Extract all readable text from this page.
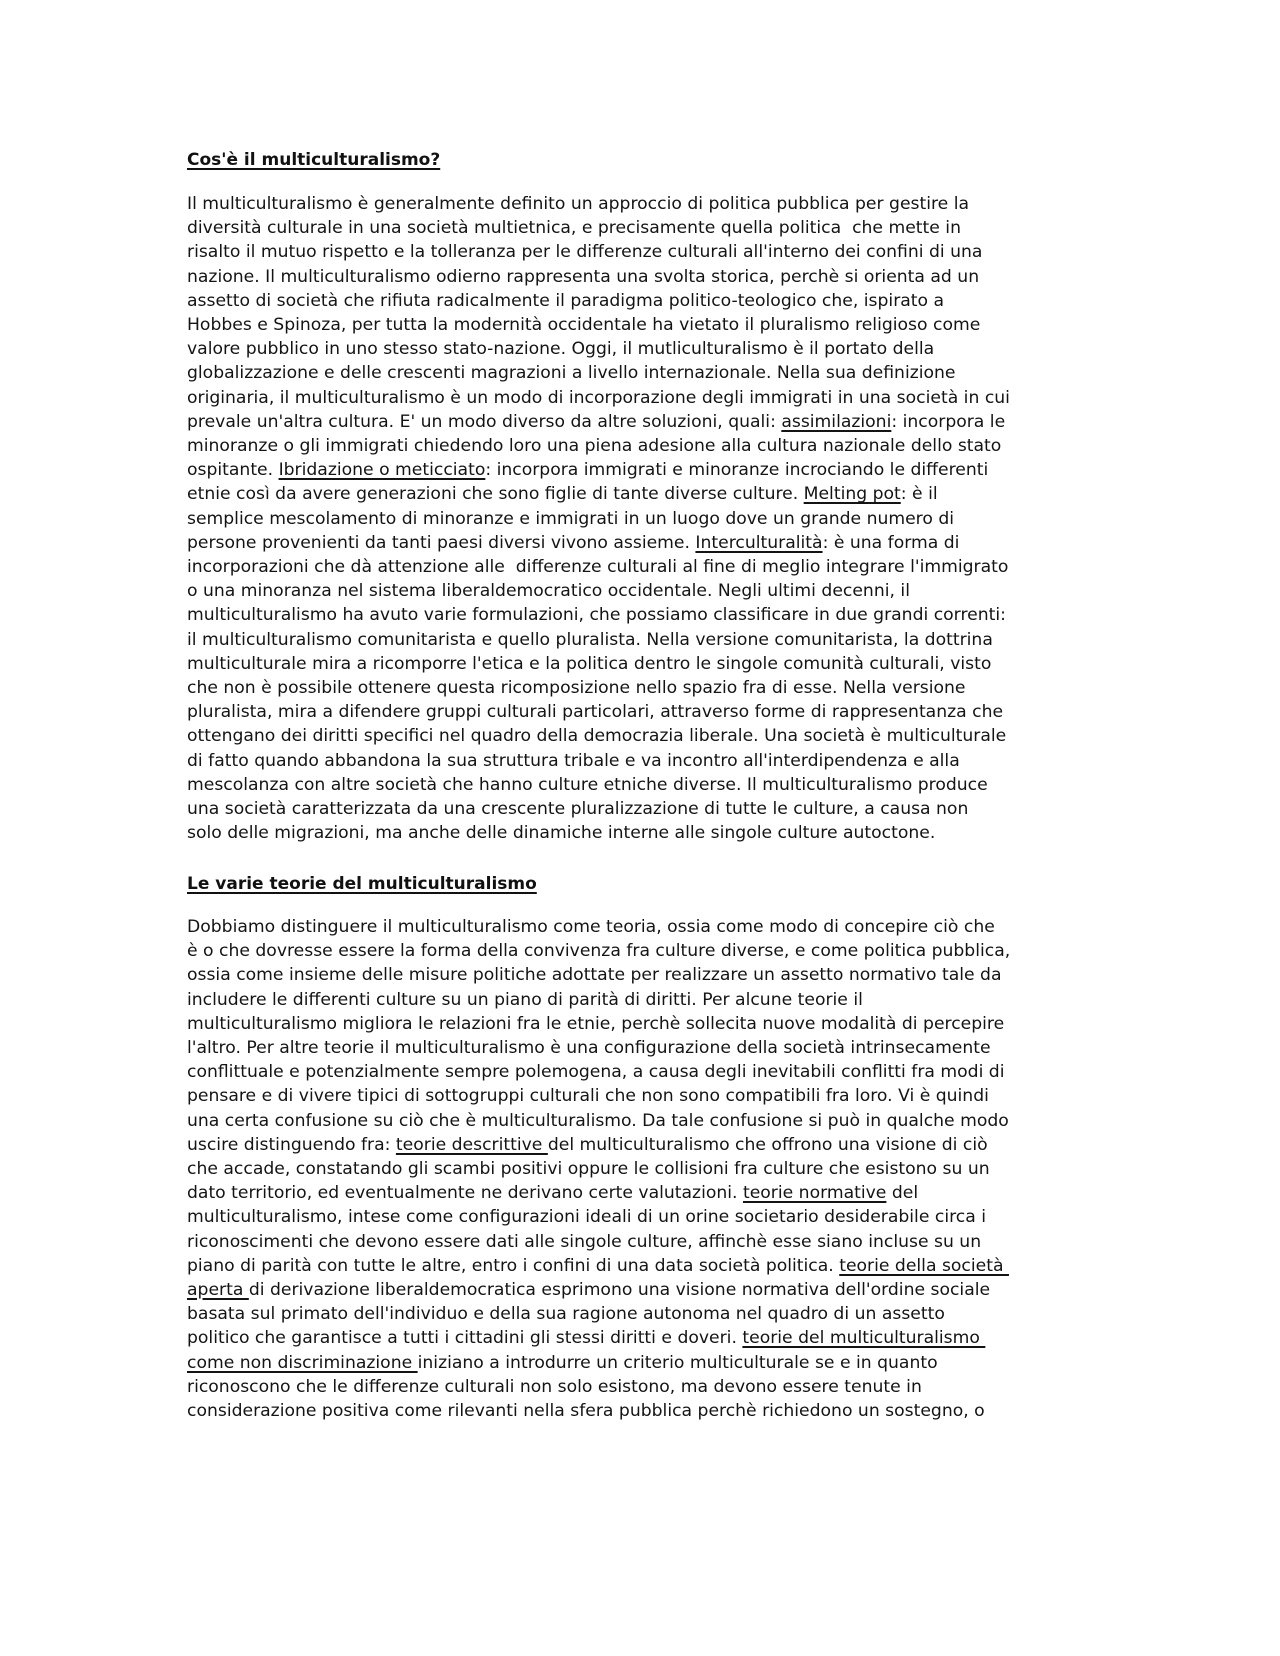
Cos'è il multiculturalismo?
Il multiculturalismo è generalmente definito un approccio di politica pubblica per gestire la
diversità culturale in una società multietnica, e precisamente quella politica  che mette in
risalto il mutuo rispetto e la tolleranza per le differenze culturali all'interno dei confini di una
nazione. Il multiculturalismo odierno rappresenta una svolta storica, perchè si orienta ad un
assetto di società che rifiuta radicalmente il paradigma politico-teologico che, ispirato a
Hobbes e Spinoza, per tutta la modernità occidentale ha vietato il pluralismo religioso come
valore pubblico in uno stesso stato-nazione. Oggi, il mutliculturalismo è il portato della
globalizzazione e delle crescenti magrazioni a livello internazionale. Nella sua definizione
originaria, il multiculturalismo è un modo di incorporazione degli immigrati in una società in cui
prevale un'altra cultura. E' un modo diverso da altre soluzioni, quali: assimilazioni: incorpora le
minoranze o gli immigrati chiedendo loro una piena adesione alla cultura nazionale dello stato
ospitante. Ibridazione o meticciato: incorpora immigrati e minoranze incrociando le differenti
etnie così da avere generazioni che sono figlie di tante diverse culture. Melting pot: è il
semplice mescolamento di minoranze e immigrati in un luogo dove un grande numero di
persone provenienti da tanti paesi diversi vivono assieme. Interculturalità: è una forma di
incorporazioni che dà attenzione alle  differenze culturali al fine di meglio integrare l'immigrato
o una minoranza nel sistema liberaldemocratico occidentale. Negli ultimi decenni, il
multiculturalismo ha avuto varie formulazioni, che possiamo classificare in due grandi correnti:
il multiculturalismo comunitarista e quello pluralista. Nella versione comunitarista, la dottrina
multiculturale mira a ricomporre l'etica e la politica dentro le singole comunità culturali, visto
che non è possibile ottenere questa ricomposizione nello spazio fra di esse. Nella versione
pluralista, mira a difendere gruppi culturali particolari, attraverso forme di rappresentanza che
ottengano dei diritti specifici nel quadro della democrazia liberale. Una società è multiculturale
di fatto quando abbandona la sua struttura tribale e va incontro all'interdipendenza e alla
mescolanza con altre società che hanno culture etniche diverse. Il multiculturalismo produce
una società caratterizzata da una crescente pluralizzazione di tutte le culture, a causa non
solo delle migrazioni, ma anche delle dinamiche interne alle singole culture autoctone.
Le varie teorie del multiculturalismo
Dobbiamo distinguere il multiculturalismo come teoria, ossia come modo di concepire ciò che
è o che dovresse essere la forma della convivenza fra culture diverse, e come politica pubblica,
ossia come insieme delle misure politiche adottate per realizzare un assetto normativo tale da
includere le differenti culture su un piano di parità di diritti. Per alcune teorie il
multiculturalismo migliora le relazioni fra le etnie, perchè sollecita nuove modalità di percepire
l'altro. Per altre teorie il multiculturalismo è una configurazione della società intrinsecamente
conflittuale e potenzialmente sempre polemogena, a causa degli inevitabili conflitti fra modi di
pensare e di vivere tipici di sottogruppi culturali che non sono compatibili fra loro. Vi è quindi
una certa confusione su ciò che è multiculturalismo. Da tale confusione si può in qualche modo
uscire distinguendo fra: teorie descrittive del multiculturalismo che offrono una visione di ciò
che accade, constatando gli scambi positivi oppure le collisioni fra culture che esistono su un
dato territorio, ed eventualmente ne derivano certe valutazioni. teorie normative del
multiculturalismo, intese come configurazioni ideali di un orine societario desiderabile circa i
riconoscimenti che devono essere dati alle singole culture, affinchè esse siano incluse su un
piano di parità con tutte le altre, entro i confini di una data società politica. teorie della società
aperta di derivazione liberaldemocratica esprimono una visione normativa dell'ordine sociale
basata sul primato dell'individuo e della sua ragione autonoma nel quadro di un assetto
politico che garantisce a tutti i cittadini gli stessi diritti e doveri. teorie del multiculturalismo
come non discriminazione iniziano a introdurre un criterio multiculturale se e in quanto
riconoscono che le differenze culturali non solo esistono, ma devono essere tenute in
considerazione positiva come rilevanti nella sfera pubblica perchè richiedono un sostegno, o
